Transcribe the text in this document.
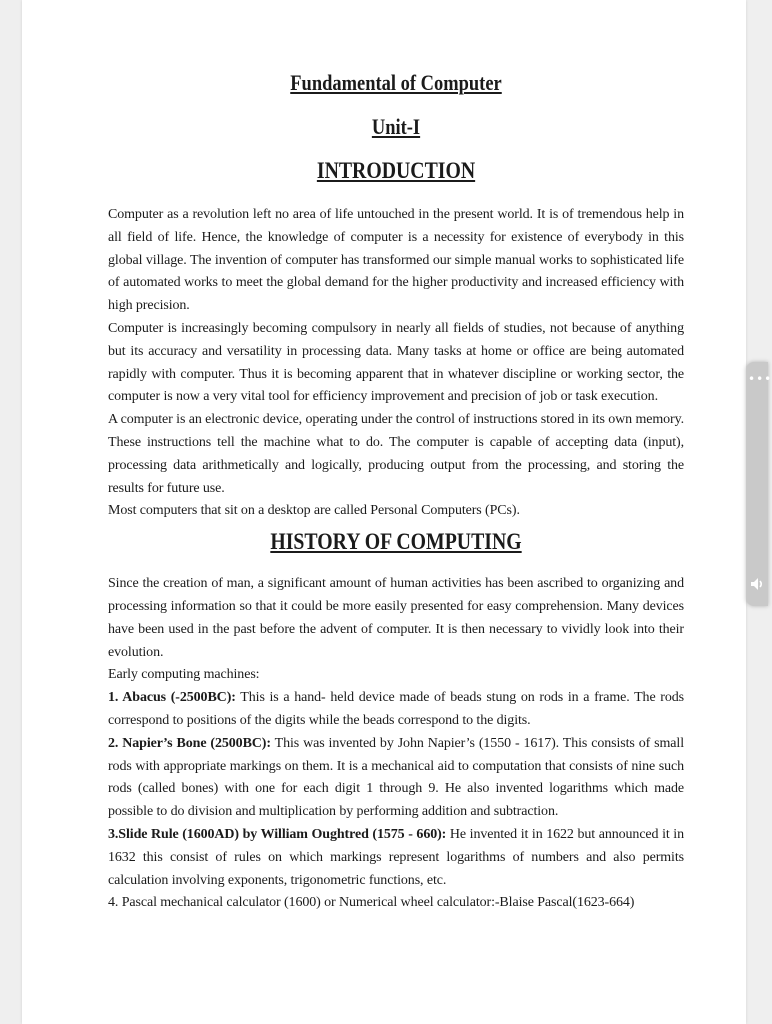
Fundamental of Computer
Unit-I
INTRODUCTION

Computer as a revolution left no area of life untouched in the present world. It is of tremendous help in all field of life. Hence, the knowledge of computer is a necessity for existence of everybody in this global village. The invention of computer has transformed our simple manual works to sophisticated life of automated works to meet the global demand for the higher productivity and increased efficiency with high precision.

Computer is increasingly becoming compulsory in nearly all fields of studies, not because of anything but its accuracy and versatility in processing data. Many tasks at home or office are being automated rapidly with computer. Thus it is becoming apparent that in whatever discipline or working sector, the computer is now a very vital tool for efficiency improvement and precision of job or task execution.

A computer is an electronic device, operating under the control of instructions stored in its own memory. These instructions tell the machine what to do. The computer is capable of accepting data (input), processing data arithmetically and logically, producing output from the processing, and storing the results for future use.

Most computers that sit on a desktop are called Personal Computers (PCs).

HISTORY OF COMPUTING

Since the creation of man, a significant amount of human activities has been ascribed to organizing and processing information so that it could be more easily presented for easy comprehension. Many devices have been used in the past before the advent of computer. It is then necessary to vividly look into their evolution.

Early computing machines:

1. Abacus (-2500BC): This is a hand- held device made of beads stung on rods in a frame. The rods correspond to positions of the digits while the beads correspond to the digits.

2. Napier’s Bone (2500BC): This was invented by John Napier’s (1550 - 1617). This consists of small rods with appropriate markings on them. It is a mechanical aid to computation that consists of nine such rods (called bones) with one for each digit 1 through 9. He also invented logarithms which made possible to do division and multiplication by performing addition and subtraction.

3.Slide Rule (1600AD) by William Oughtred (1575 - 660): He invented it in 1622 but announced it in 1632 this consist of rules on which markings represent logarithms of numbers and also permits calculation involving exponents, trigonometric functions, etc.

4. Pascal mechanical calculator (1600) or Numerical wheel calculator:-Blaise Pascal(1623-664)

•••
